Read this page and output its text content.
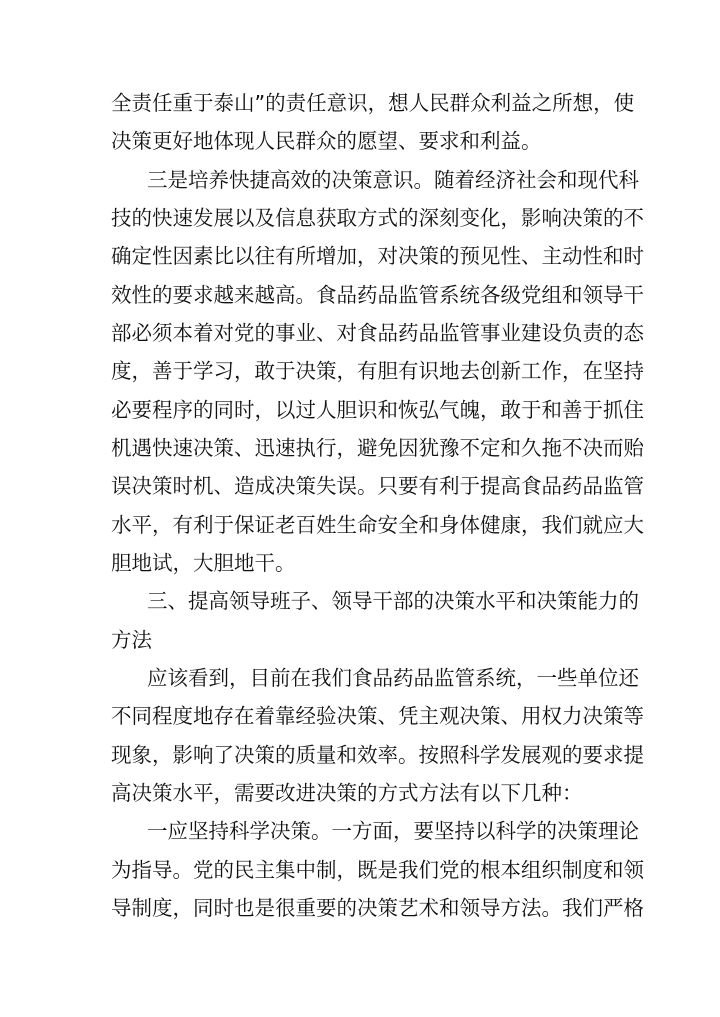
全责任重于泰山”的责任意识，想人民群众利益之所想，使
决策更好地体现人民群众的愿望、要求和利益。
三是培养快捷高效的决策意识。随着经济社会和现代科
技的快速发展以及信息获取方式的深刻变化，影响决策的不
确定性因素比以往有所增加，对决策的预见性、主动性和时
效性的要求越来越高。食品药品监管系统各级党组和领导干
部必须本着对党的事业、对食品药品监管事业建设负责的态
度，善于学习，敢于决策，有胆有识地去创新工作，在坚持
必要程序的同时，以过人胆识和恢弘气魄，敢于和善于抓住
机遇快速决策、迅速执行，避免因犹豫不定和久拖不决而贻
误决策时机、造成决策失误。只要有利于提高食品药品监管
水平，有利于保证老百姓生命安全和身体健康，我们就应大
胆地试，大胆地干。
三、提高领导班子、领导干部的决策水平和决策能力的
方法
应该看到，目前在我们食品药品监管系统，一些单位还
不同程度地存在着靠经验决策、凭主观决策、用权力决策等
现象，影响了决策的质量和效率。按照科学发展观的要求提
高决策水平，需要改进决策的方式方法有以下几种：
一应坚持科学决策。一方面，要坚持以科学的决策理论
为指导。党的民主集中制，既是我们党的根本组织制度和领
导制度，同时也是很重要的决策艺术和领导方法。我们严格
